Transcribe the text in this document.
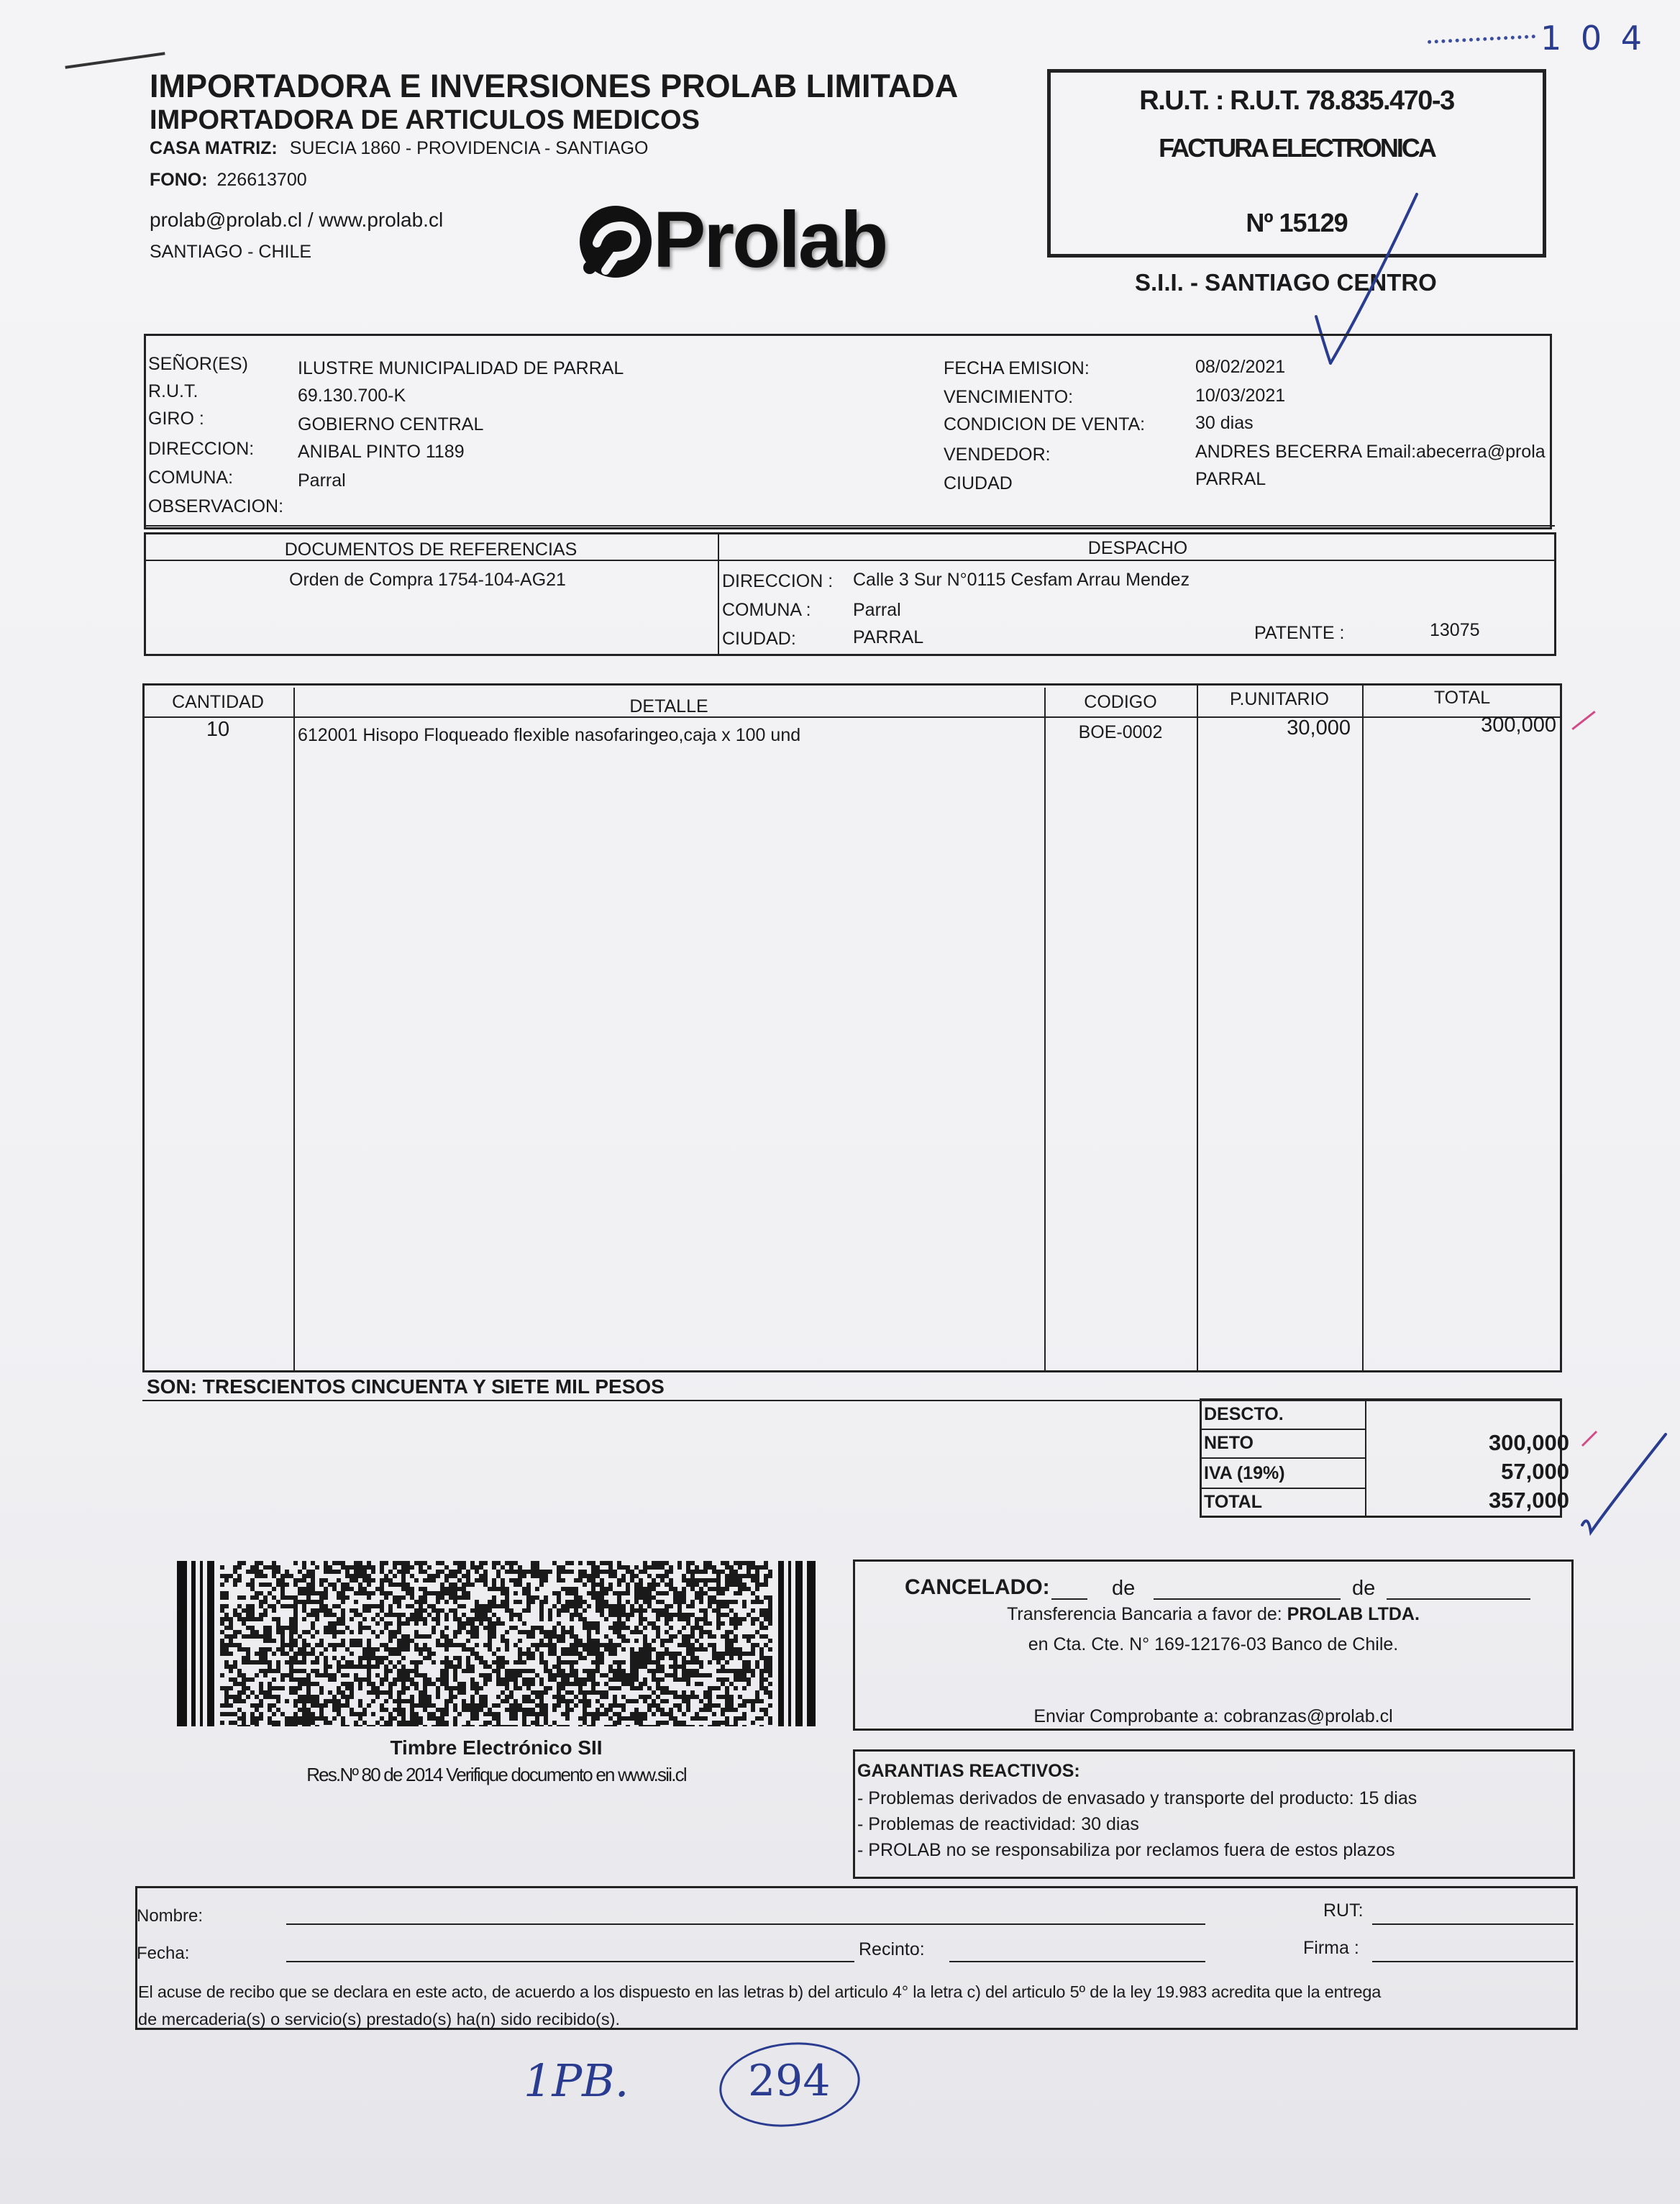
1 0 4
IMPORTADORA E INVERSIONES PROLAB LIMITADA
IMPORTADORA DE ARTICULOS MEDICOS
CASA MATRIZ: SUECIA 1860 - PROVIDENCIA - SANTIAGO
FONO: 226613700
prolab@prolab.cl / www.prolab.cl
SANTIAGO - CHILE	Prolab
R.U.T. : R.U.T. 78.835.470-3
FACTURA ELECTRONICA
Nº 15129
S.I.I. - SANTIAGO CENTRO
SEÑOR(ES)	ILUSTRE MUNICIPALIDAD DE PARRAL
R.U.T.	69.130.700-K
GIRO :	GOBIERNO CENTRAL
DIRECCION: ANIBAL PINTO 1189
COMUNA:	Parral
OBSERVACION:
FECHA EMISION:	08/02/2021
VENCIMIENTO:	10/03/2021
CONDICION DE VENTA:	30 dias
VENDEDOR:	ANDRES BECERRA Email:abecerra@prola
CIUDAD	PARRAL
DOCUMENTOS DE REFERENCIAS	DESPACHO
Orden de Compra 1754-104-AG21	DIRECCION : Calle 3 Sur N°0115 Cesfam Arrau Mendez
COMUNA : Parral
CIUDAD:	PARRAL	PATENTE :	13075
CANTIDAD	DETALLE	CODIGO	P.UNITARIO	TOTAL
10	612001 Hisopo Floqueado flexible nasofaringeo,caja x 100 und	BOE-0002	30,000	300,000
SON: TRESCIENTOS CINCUENTA Y SIETE MIL PESOS
DESCTO.
NETO	300,000
IVA (19%)	57,000
TOTAL	357,000
Timbre Electrónico SII
Res.Nº 80 de 2014 Verifique documento en www.sii.cl
CANCELADO:	de	de
Transferencia Bancaria a favor de: PROLAB LTDA.
en Cta. Cte. N° 169-12176-03 Banco de Chile.
Enviar Comprobante a: cobranzas@prolab.cl
GARANTIAS REACTIVOS:
- Problemas derivados de envasado y transporte del producto: 15 dias
- Problemas de reactividad: 30 dias
- PROLAB no se responsabiliza por reclamos fuera de estos plazos
Nombre:	RUT:
Fecha:	Recinto:	Firma :
El acuse de recibo que se declara en este acto, de acuerdo a los dispuesto en las letras b) del articulo 4° la letra c) del articulo 5º de la ley 19.983 acredita que la entrega
de mercaderia(s) o servicio(s) prestado(s) ha(n) sido recibido(s).
1PB.	294
